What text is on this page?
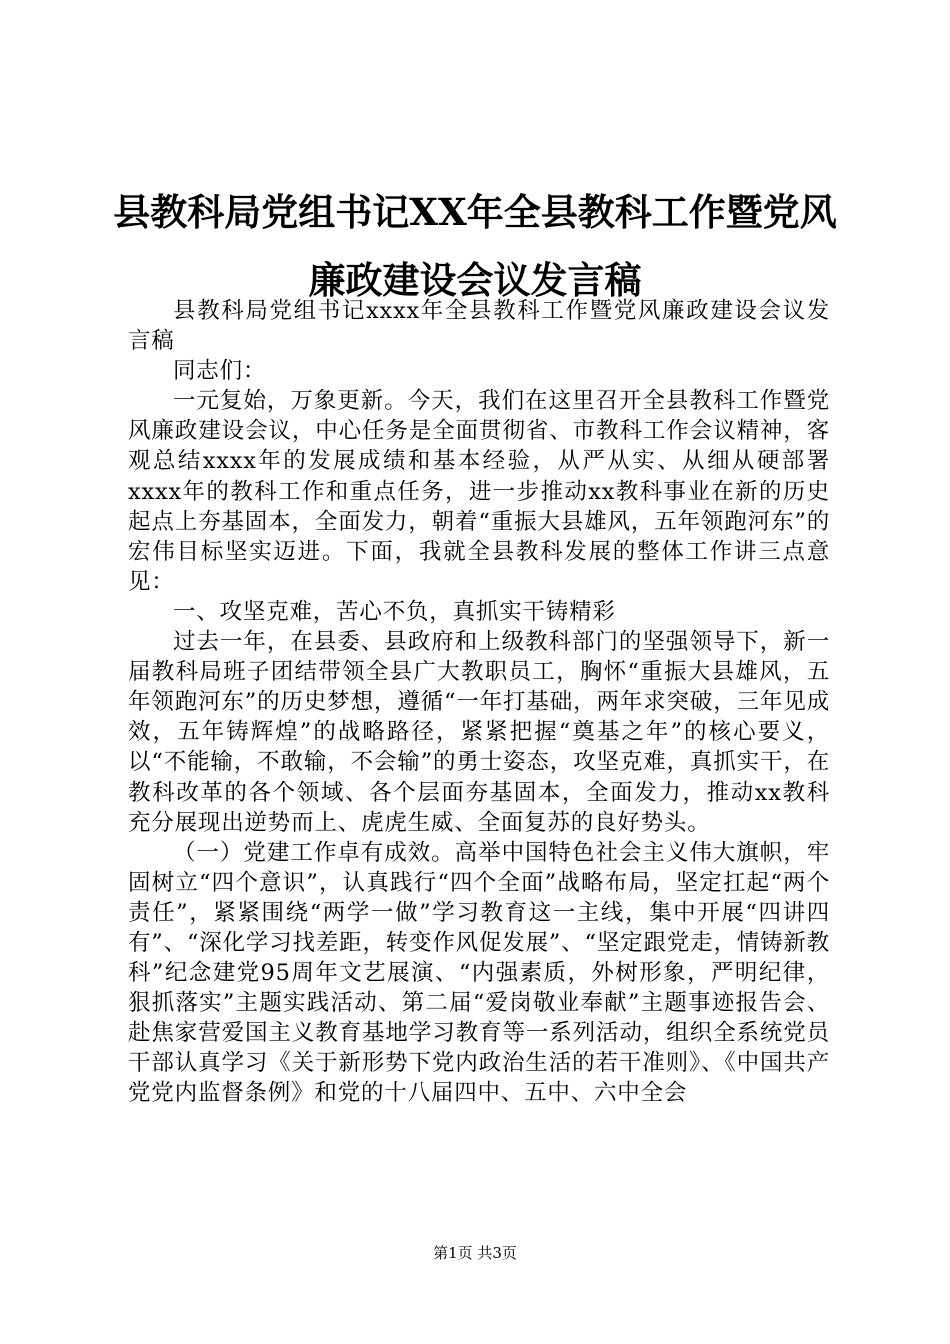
县教科局党组书记XX年全县教科工作暨党风
廉政建设会议发言稿

县教科局党组书记xxxx年全县教科工作暨党风廉政建设会议发言稿

同志们：

一元复始，万象更新。今天，我们在这里召开全县教科工作暨党风廉政建设会议，中心任务是全面贯彻省、市教科工作会议精神，客观总结xxxx年的发展成绩和基本经验，从严从实、从细从硬部署xxxx年的教科工作和重点任务，进一步推动xx教科事业在新的历史起点上夯基固本，全面发力，朝着“重振大县雄风，五年领跑河东”的宏伟目标坚实迈进。下面，我就全县教科发展的整体工作讲三点意见：

一、攻坚克难，苦心不负，真抓实干铸精彩

过去一年，在县委、县政府和上级教科部门的坚强领导下，新一届教科局班子团结带领全县广大教职员工，胸怀“重振大县雄风，五年领跑河东”的历史梦想，遵循“一年打基础，两年求突破，三年见成效，五年铸辉煌”的战略路径，紧紧把握“奠基之年”的核心要义，以“不能输，不敢输，不会输”的勇士姿态，攻坚克难，真抓实干，在教科改革的各个领域、各个层面夯基固本，全面发力，推动xx教科充分展现出逆势而上、虎虎生威、全面复苏的良好势头。

（一）党建工作卓有成效。高举中国特色社会主义伟大旗帜，牢固树立“四个意识”，认真践行“四个全面”战略布局，坚定扛起“两个责任”，紧紧围绕“两学一做”学习教育这一主线，集中开展“四讲四有”、“深化学习找差距，转变作风促发展”、“坚定跟党走，情铸新教科”纪念建党95周年文艺展演、“内强素质，外树形象，严明纪律，狠抓落实”主题实践活动、第二届“爱岗敬业奉献”主题事迹报告会、赴焦家营爱国主义教育基地学习教育等一系列活动，组织全系统党员干部认真学习《关于新形势下党内政治生活的若干准则》、《中国共产党党内监督条例》和党的十八届四中、五中、六中全会

第1页 共3页
